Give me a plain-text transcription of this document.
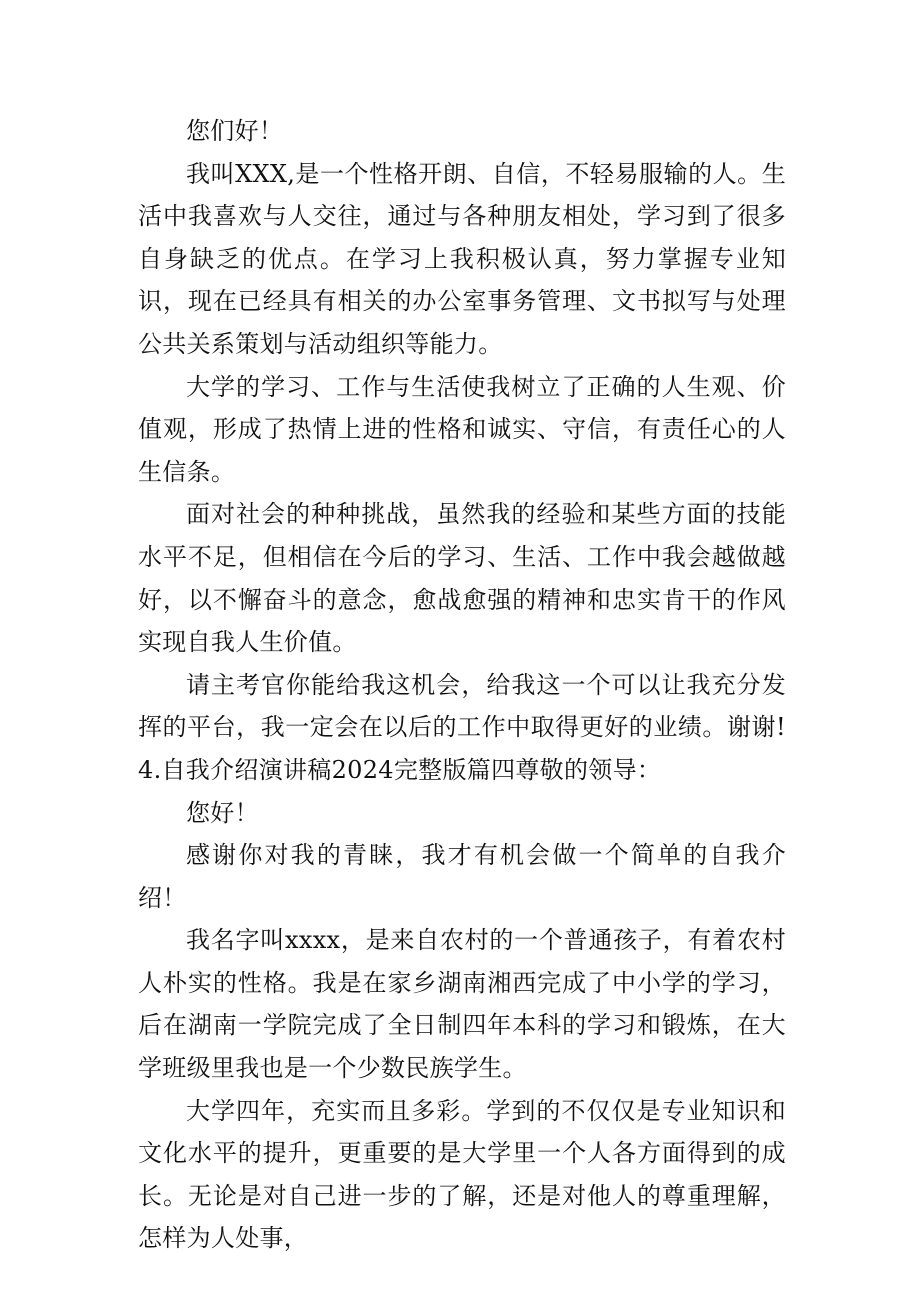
您们好！

我叫XXX,是一个性格开朗、自信，不轻易服输的人。生活中我喜欢与人交往，通过与各种朋友相处，学习到了很多自身缺乏的优点。在学习上我积极认真，努力掌握专业知识，现在已经具有相关的办公室事务管理、文书拟写与处理公共关系策划与活动组织等能力。

大学的学习、工作与生活使我树立了正确的人生观、价值观，形成了热情上进的性格和诚实、守信，有责任心的人生信条。

面对社会的种种挑战，虽然我的经验和某些方面的技能水平不足，但相信在今后的学习、生活、工作中我会越做越好，以不懈奋斗的意念，愈战愈强的精神和忠实肯干的作风实现自我人生价值。

请主考官你能给我这机会，给我这一个可以让我充分发挥的平台，我一定会在以后的工作中取得更好的业绩。谢谢!4.自我介绍演讲稿2024完整版篇四尊敬的领导：

您好！

感谢你对我的青睐，我才有机会做一个简单的自我介绍！

我名字叫xxxx，是来自农村的一个普通孩子，有着农村人朴实的性格。我是在家乡湖南湘西完成了中小学的学习，后在湖南一学院完成了全日制四年本科的学习和锻炼，在大学班级里我也是一个少数民族学生。

大学四年，充实而且多彩。学到的不仅仅是专业知识和文化水平的提升，更重要的是大学里一个人各方面得到的成长。无论是对自己进一步的了解，还是对他人的尊重理解，怎样为人处事，
